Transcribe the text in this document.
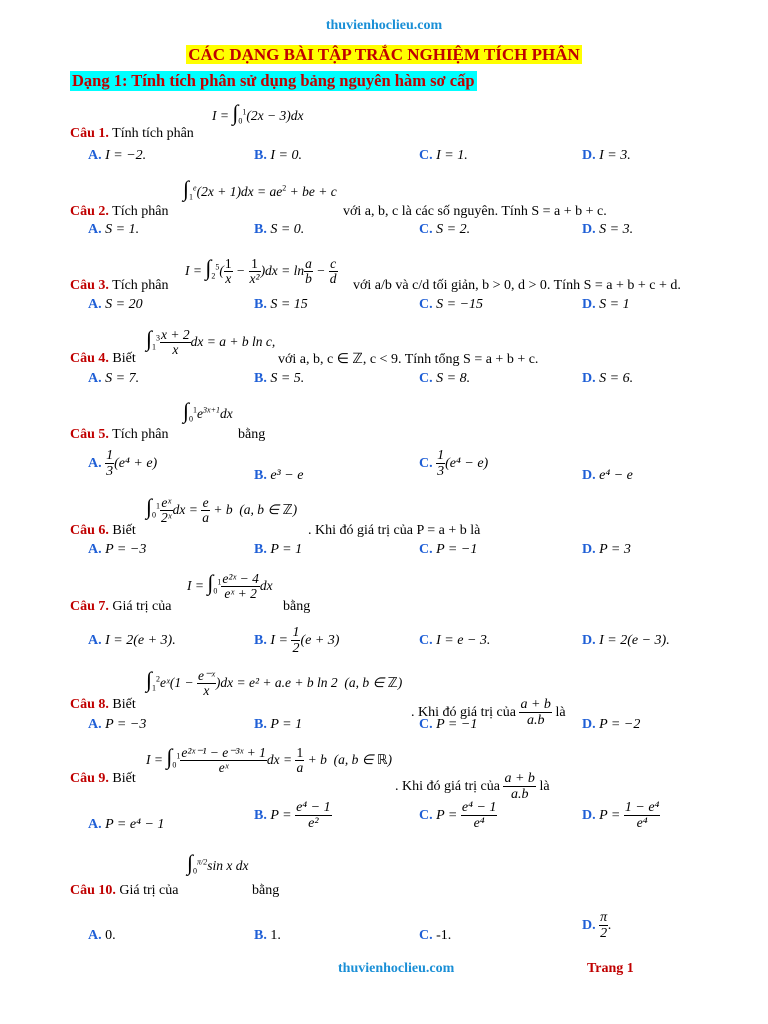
thuvienhoclieu.com
CÁC DẠNG BÀI TẬP TRẮC NGHIỆM TÍCH PHÂN
Dạng 1: Tính tích phân sử dụng bảng nguyên hàm sơ cấp
Câu 1. Tính tích phân
$I = \int_0^1(2x - 3)dx$
A. I = −2.	B. I = 0.	C. I = 1.	D. I = 3.
Câu 2. Tích phân
$\int_1^e(2x + 1)dx = ae^2$ + be + c
với a, b, c là các số nguyên. Tính S = a + b + c.
A. S = 1.	B. S = 0.	C. S = 2.	D. S = 3.
Câu 3. Tích phân
$I = \int_2^5( \frac{1}{x} - \frac{1}{\text{x²}} )dx = \ln \frac{a}{b} - \frac{c}{d}$ với a/b và c/d tối giản, b > 0, d > 0. Tính S = a + b + c + d.
A. S = 20	B. S = 15	C. S = −15	D. S = 1
Câu 4. Biết
$\int_1^3 \frac{x + 2}{x}$ dx = a + b ln c,
với a, b, c ∈ ℤ, c < 9. Tính tổng S = a + b + c.
A. S = 7.	B. S = 5.	C. S = 8.	D. S = 6.
Câu 5. Tích phân
$\int_0^1e^{3x+1}dx$
bằng
A. $\frac{1}{3} (e^4 + e)$
B. e³ − e
C. $\frac{1}{3} (e^4 - e)$
D. e⁴ − e
Câu 6. Biết
$\int_0^1 \frac{\text{eˣ}}{\text{2ˣ}}$ dx = $\frac{e}{a} + b$  (a, b ∈ ℤ)
. Khi đó giá trị của P = a + b là
A. P = −3	B. P = 1	C. P = −1	D. P = 3
Câu 7. Giá trị của
$I = \int_0^1 \frac{\text{e²ˣ − 4}}{\text{eˣ + 2}}$ dx
bằng
A. I = 2(e + 3).	B. $I = \frac{1}{2} (e + 3)$	C. I = e − 3.	D. I = 2(e − 3).
Câu 8. Biết
$\int_1^2eˣ(1 - \frac{\text{e⁻ˣ}}{x} )dx = e^2 + a.e + b$ ln 2  (a, b ∈ ℤ)
. Khi đó giá trị của $\frac{a + b}{a.b}$ là
A. P = −3	B. P = 1	C. P = −1	D. P = −2
Câu 9. Biết
$I = \int_0^1 \frac{\text{e²ˣ⁻¹ − e⁻³ˣ + 1}}{\text{eˣ}}$ dx = $\frac{1}{a} + b$  (a, b ∈ ℝ)
. Khi đó giá trị của $\frac{a + b}{a.b}$ là
A. P = e⁴ − 1
B. $P = \frac{\text{e⁴ − 1}}{\text{e²}}$	C. $P = \frac{\text{e⁴ − 1}}{\text{e⁴}}$	D. $P = \frac{\text{1 − e⁴}}{\text{e⁴}}$
Câu 10. Giá trị của
$\int_0^{\pi/2}\sin$ x dx
bằng
A. 0.	B. 1.	C. -1.
D. $\frac{\pi}{2}$ .
thuvienhoclieu.com	Trang 1
